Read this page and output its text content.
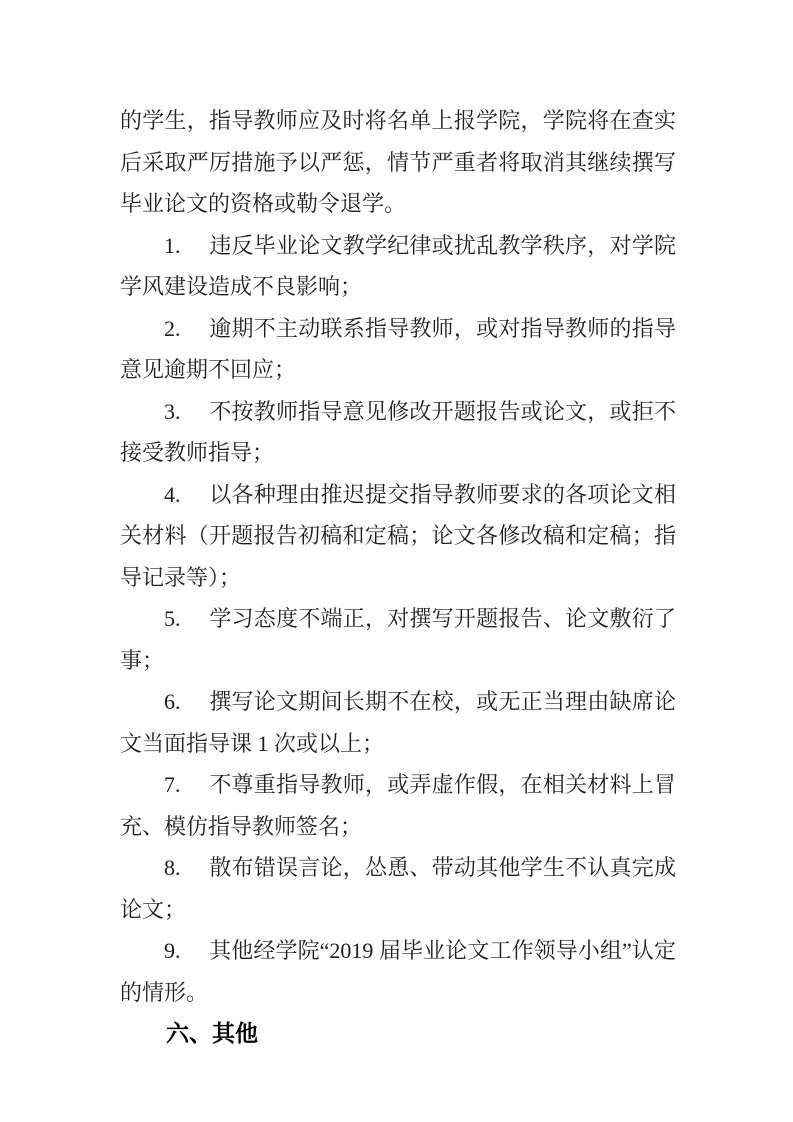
的学生，指导教师应及时将名单上报学院，学院将在查实后采取严厉措施予以严惩，情节严重者将取消其继续撰写毕业论文的资格或勒令退学。

1. 违反毕业论文教学纪律或扰乱教学秩序，对学院学风建设造成不良影响；

2. 逾期不主动联系指导教师，或对指导教师的指导意见逾期不回应；

3. 不按教师指导意见修改开题报告或论文，或拒不接受教师指导；

4. 以各种理由推迟提交指导教师要求的各项论文相关材料（开题报告初稿和定稿；论文各修改稿和定稿；指导记录等）；

5. 学习态度不端正，对撰写开题报告、论文敷衍了事；

6. 撰写论文期间长期不在校，或无正当理由缺席论文当面指导课 1 次或以上；

7. 不尊重指导教师，或弄虚作假，在相关材料上冒充、模仿指导教师签名；

8. 散布错误言论，怂恿、带动其他学生不认真完成论文；

9. 其他经学院“2019 届毕业论文工作领导小组”认定的情形。

六、其他
